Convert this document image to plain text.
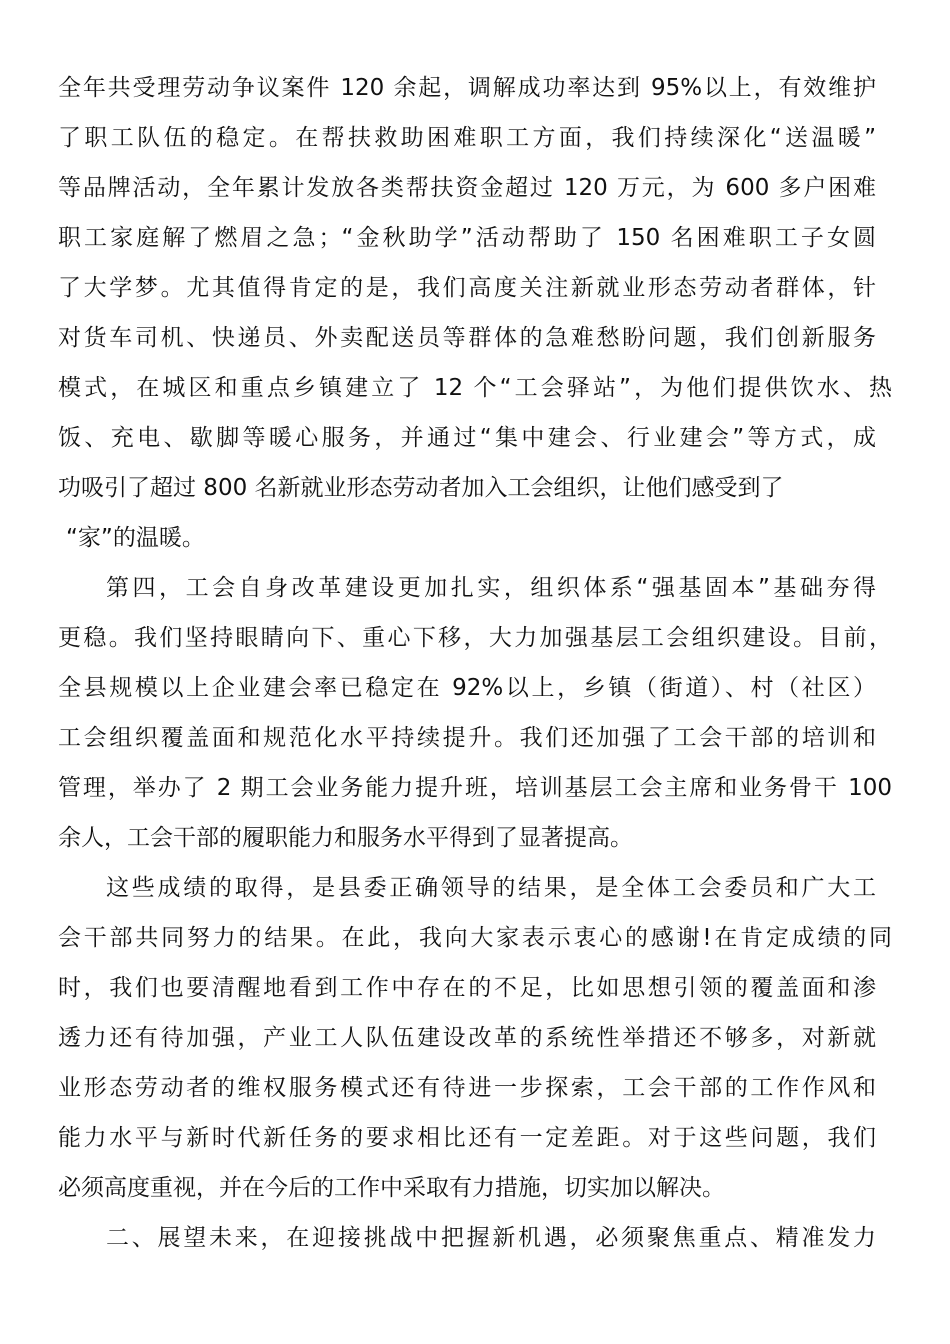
全年共受理劳动争议案件 120 余起，调解成功率达到 95%以上，有效维护
了职工队伍的稳定。在帮扶救助困难职工方面，我们持续深化“送温暖”
等品牌活动，全年累计发放各类帮扶资金超过 120 万元，为 600 多户困难
职工家庭解了燃眉之急；“金秋助学”活动帮助了 150 名困难职工子女圆
了大学梦。尤其值得肯定的是，我们高度关注新就业形态劳动者群体，针
对货车司机、快递员、外卖配送员等群体的急难愁盼问题，我们创新服务
模式，在城区和重点乡镇建立了 12 个“工会驿站”，为他们提供饮水、热
饭、充电、歇脚等暖心服务，并通过“集中建会、行业建会”等方式，成
功吸引了超过 800 名新就业形态劳动者加入工会组织，让他们感受到了
“家”的温暖。
第四，工会自身改革建设更加扎实，组织体系“强基固本”基础夯得
更稳。我们坚持眼睛向下、重心下移，大力加强基层工会组织建设。目前，
全县规模以上企业建会率已稳定在 92%以上，乡镇（街道）、村（社区）
工会组织覆盖面和规范化水平持续提升。我们还加强了工会干部的培训和
管理，举办了 2 期工会业务能力提升班，培训基层工会主席和业务骨干 100
余人，工会干部的履职能力和服务水平得到了显著提高。
这些成绩的取得，是县委正确领导的结果，是全体工会委员和广大工
会干部共同努力的结果。在此，我向大家表示衷心的感谢!在肯定成绩的同
时，我们也要清醒地看到工作中存在的不足，比如思想引领的覆盖面和渗
透力还有待加强，产业工人队伍建设改革的系统性举措还不够多，对新就
业形态劳动者的维权服务模式还有待进一步探索，工会干部的工作作风和
能力水平与新时代新任务的要求相比还有一定差距。对于这些问题，我们
必须高度重视，并在今后的工作中采取有力措施，切实加以解决。
二、展望未来，在迎接挑战中把握新机遇，必须聚焦重点、精准发力
